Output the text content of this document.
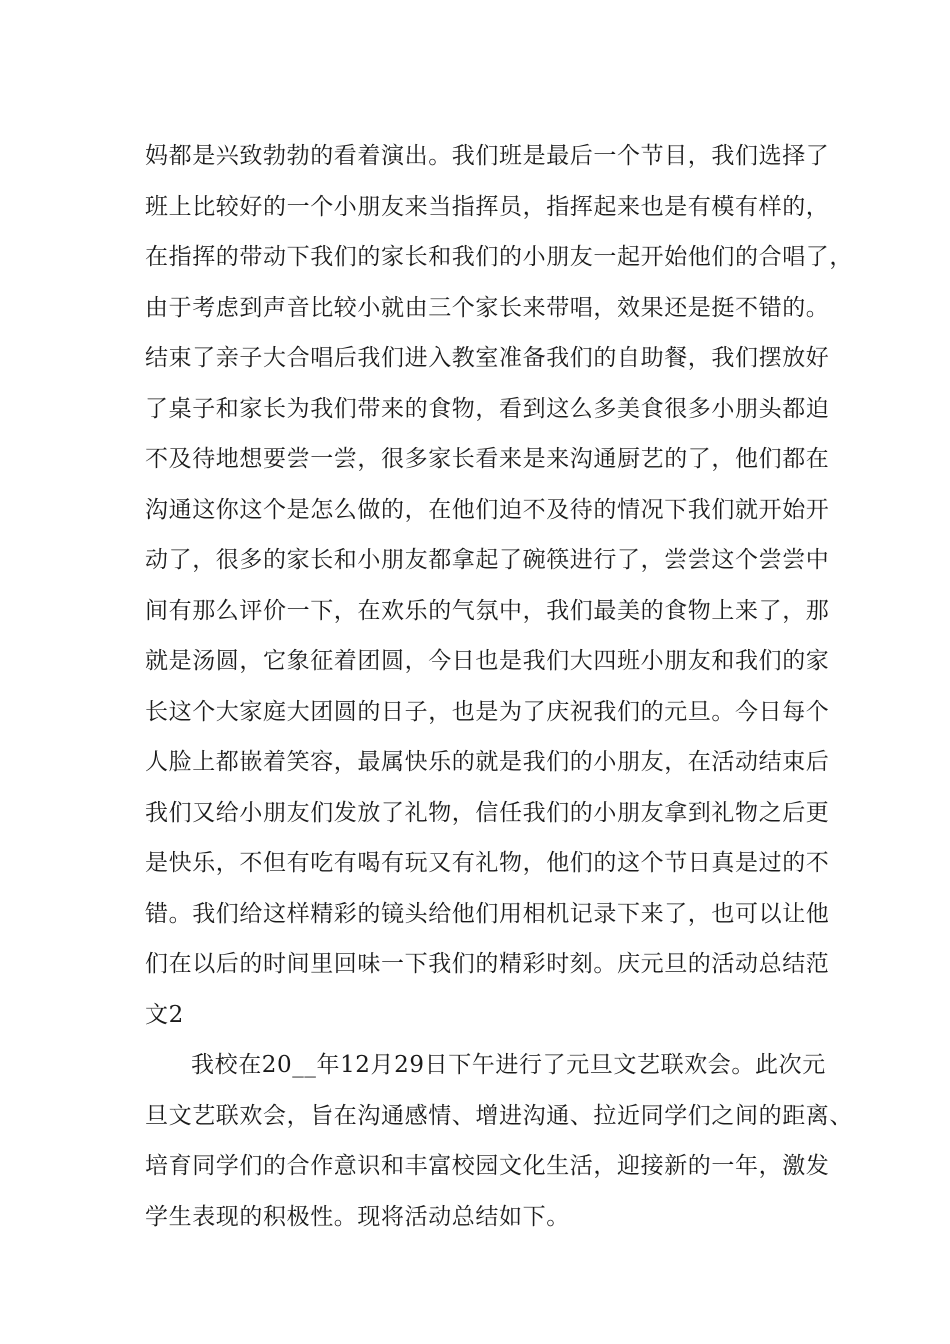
妈都是兴致勃勃的看着演出。我们班是最后一个节目，我们选择了
班上比较好的一个小朋友来当指挥员，指挥起来也是有模有样的，
在指挥的带动下我们的家长和我们的小朋友一起开始他们的合唱了，
由于考虑到声音比较小就由三个家长来带唱，效果还是挺不错的。
结束了亲子大合唱后我们进入教室准备我们的自助餐，我们摆放好
了桌子和家长为我们带来的食物，看到这么多美食很多小朋头都迫
不及待地想要尝一尝，很多家长看来是来沟通厨艺的了，他们都在
沟通这你这个是怎么做的，在他们迫不及待的情况下我们就开始开
动了，很多的家长和小朋友都拿起了碗筷进行了，尝尝这个尝尝中
间有那么评价一下，在欢乐的气氛中，我们最美的食物上来了，那
就是汤圆，它象征着团圆，今日也是我们大四班小朋友和我们的家
长这个大家庭大团圆的日子，也是为了庆祝我们的元旦。今日每个
人脸上都嵌着笑容，最属快乐的就是我们的小朋友，在活动结束后
我们又给小朋友们发放了礼物，信任我们的小朋友拿到礼物之后更
是快乐，不但有吃有喝有玩又有礼物，他们的这个节日真是过的不
错。我们给这样精彩的镜头给他们用相机记录下来了，也可以让他
们在以后的时间里回味一下我们的精彩时刻。庆元旦的活动总结范
文2
我校在20__年12月29日下午进行了元旦文艺联欢会。此次元
旦文艺联欢会，旨在沟通感情、增进沟通、拉近同学们之间的距离、
培育同学们的合作意识和丰富校园文化生活，迎接新的一年，激发
学生表现的积极性。现将活动总结如下。
